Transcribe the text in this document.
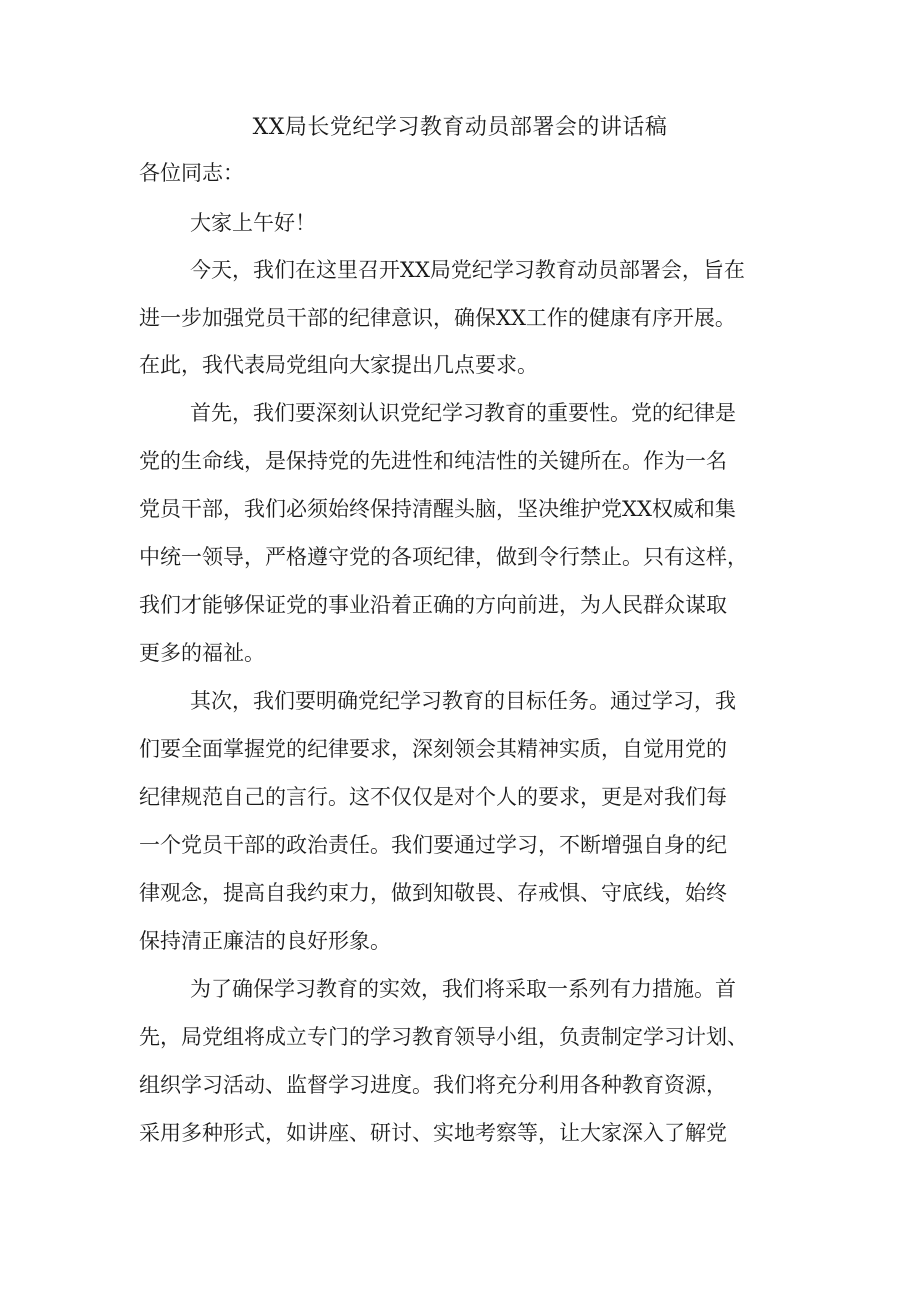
XX局长党纪学习教育动员部署会的讲话稿
各位同志：
大家上午好！
今天，我们在这里召开XX局党纪学习教育动员部署会，旨在
进一步加强党员干部的纪律意识，确保XX工作的健康有序开展。
在此，我代表局党组向大家提出几点要求。
首先，我们要深刻认识党纪学习教育的重要性。党的纪律是
党的生命线，是保持党的先进性和纯洁性的关键所在。作为一名
党员干部，我们必须始终保持清醒头脑，坚决维护党XX权威和集
中统一领导，严格遵守党的各项纪律，做到令行禁止。只有这样，
我们才能够保证党的事业沿着正确的方向前进，为人民群众谋取
更多的福祉。
其次，我们要明确党纪学习教育的目标任务。通过学习，我
们要全面掌握党的纪律要求，深刻领会其精神实质，自觉用党的
纪律规范自己的言行。这不仅仅是对个人的要求，更是对我们每
一个党员干部的政治责任。我们要通过学习，不断增强自身的纪
律观念，提高自我约束力，做到知敬畏、存戒惧、守底线，始终
保持清正廉洁的良好形象。
为了确保学习教育的实效，我们将采取一系列有力措施。首
先，局党组将成立专门的学习教育领导小组，负责制定学习计划、
组织学习活动、监督学习进度。我们将充分利用各种教育资源，
采用多种形式，如讲座、研讨、实地考察等，让大家深入了解党
